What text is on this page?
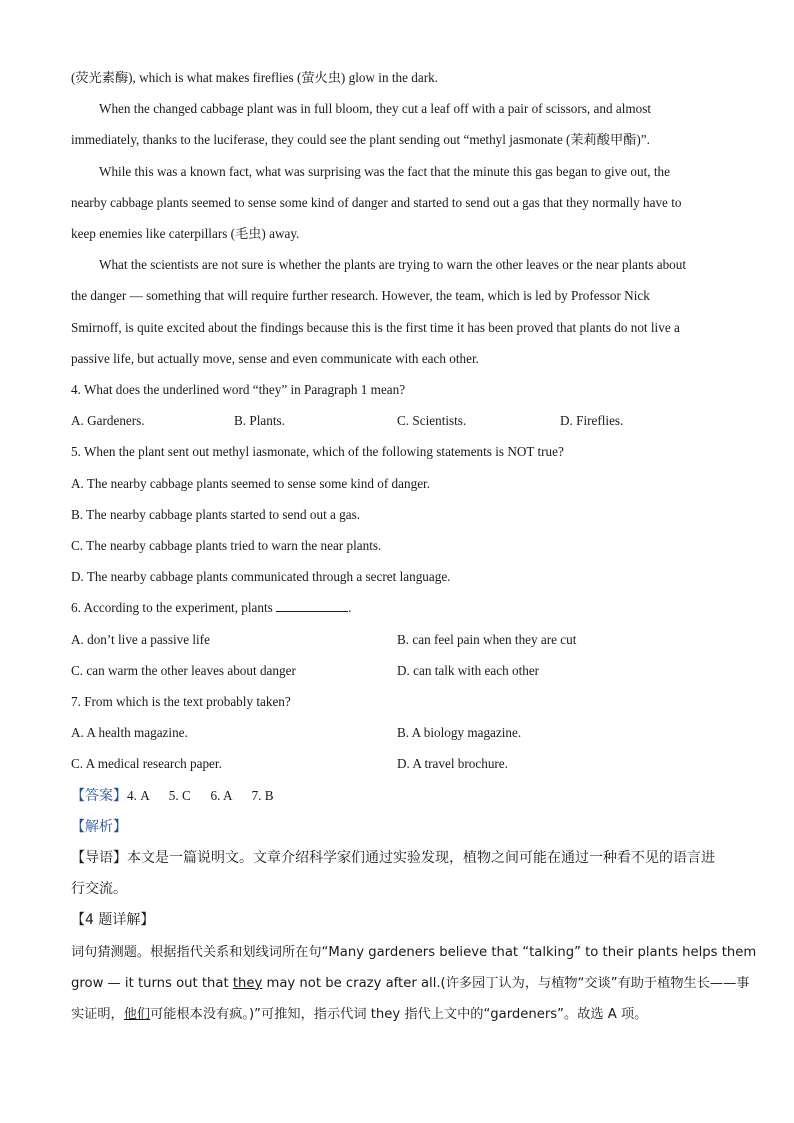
(荧光素酶), which is what makes fireflies (萤火虫) glow in the dark.
When the changed cabbage plant was in full bloom, they cut a leaf off with a pair of scissors, and almost
immediately, thanks to the luciferase, they could see the plant sending out “methyl jasmonate (茉莉酸甲酯)”.
While this was a known fact, what was surprising was the fact that the minute this gas began to give out, the
nearby cabbage plants seemed to sense some kind of danger and started to send out a gas that they normally have to
keep enemies like caterpillars (毛虫) away.
What the scientists are not sure is whether the plants are trying to warn the other leaves or the near plants about
the danger — something that will require further research. However, the team, which is led by Professor Nick
Smirnoff, is quite excited about the findings because this is the first time it has been proved that plants do not live a
passive life, but actually move, sense and even communicate with each other.
4. What does the underlined word “they” in Paragraph 1 mean?
A. Gardeners.	B. Plants.	C. Scientists.	D. Fireflies.
5. When the plant sent out methyl iasmonate, which of the following statements is NOT true?
A. The nearby cabbage plants seemed to sense some kind of danger.
B. The nearby cabbage plants started to send out a gas.
C. The nearby cabbage plants tried to warn the near plants.
D. The nearby cabbage plants communicated through a secret language.
6. According to the experiment, plants	.
A. don’t live a passive life	B. can feel pain when they are cut
C. can warm the other leaves about danger	D. can talk with each other
7. From which is the text probably taken?
A. A health magazine.	B. A biology magazine.
C. A medical research paper.	D. A travel brochure.
【答案】4. A      5. C      6. A      7. B
【解析】
【导语】本文是一篇说明文。文章介绍科学家们通过实验发现，植物之间可能在通过一种看不见的语言进
行交流。
【4 题详解】
词句猜测题。根据指代关系和划线词所在句“Many gardeners believe that “talking” to their plants helps them
grow — it turns out that they may not be crazy after all.(许多园丁认为，与植物“交谈”有助于植物生长——事
实证明，他们可能根本没有疯。)”可推知，指示代词 they 指代上文中的“gardeners”。故选 A 项。
